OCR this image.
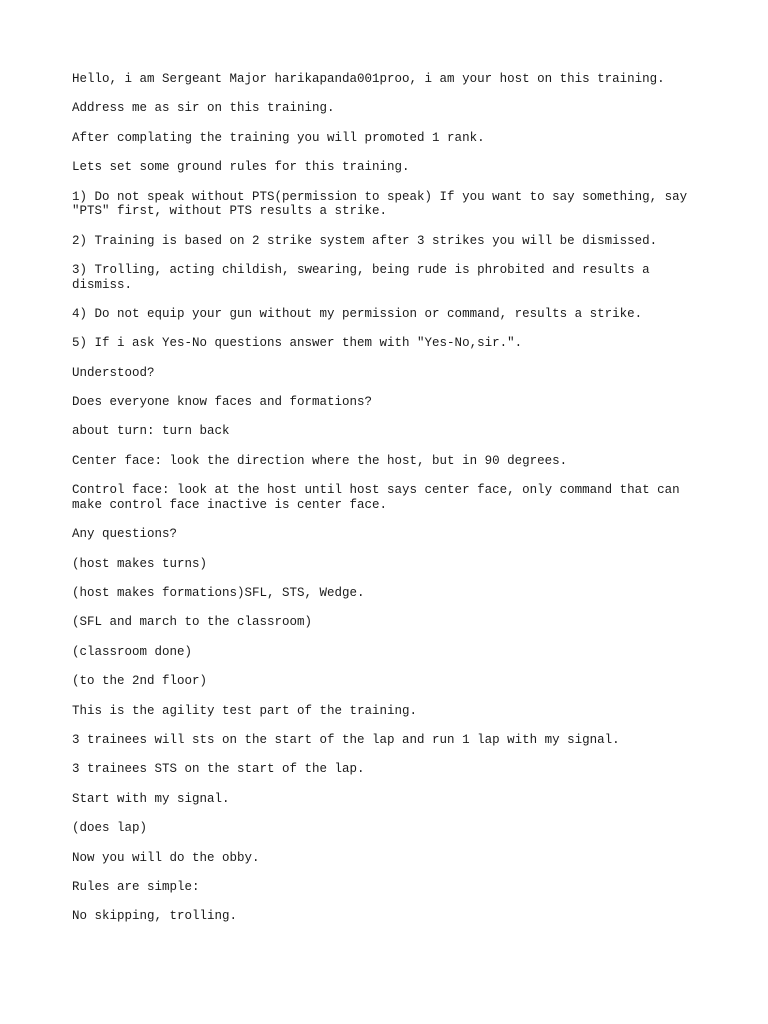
Hello, i am Sergeant Major harikapanda001proo, i am your host on this training.

Address me as sir on this training.

After complating the training you will promoted 1 rank.

Lets set some ground rules for this training.

1) Do not speak without PTS(permission to speak) If you want to say something, say "PTS" first, without PTS results a strike.

2) Training is based on 2 strike system after 3 strikes you will be dismissed.

3) Trolling, acting childish, swearing, being rude is phrobited and results a dismiss.

4) Do not equip your gun without my permission or command, results a strike.

5) If i ask Yes-No questions answer them with "Yes-No,sir.".

Understood?

Does everyone know faces and formations?

about turn: turn back

Center face: look the direction where the host, but in 90 degrees.

Control face: look at the host until host says center face, only command that can make control face inactive is center face.

Any questions?

(host makes turns)

(host makes formations)SFL, STS, Wedge.

(SFL and march to the classroom)

(classroom done)

(to the 2nd floor)

This is the agility test part of the training.

3 trainees will sts on the start of the lap and run 1 lap with my signal.

3 trainees STS on the start of the lap.

Start with my signal.

(does lap)

Now you will do the obby.

Rules are simple:

No skipping, trolling.
